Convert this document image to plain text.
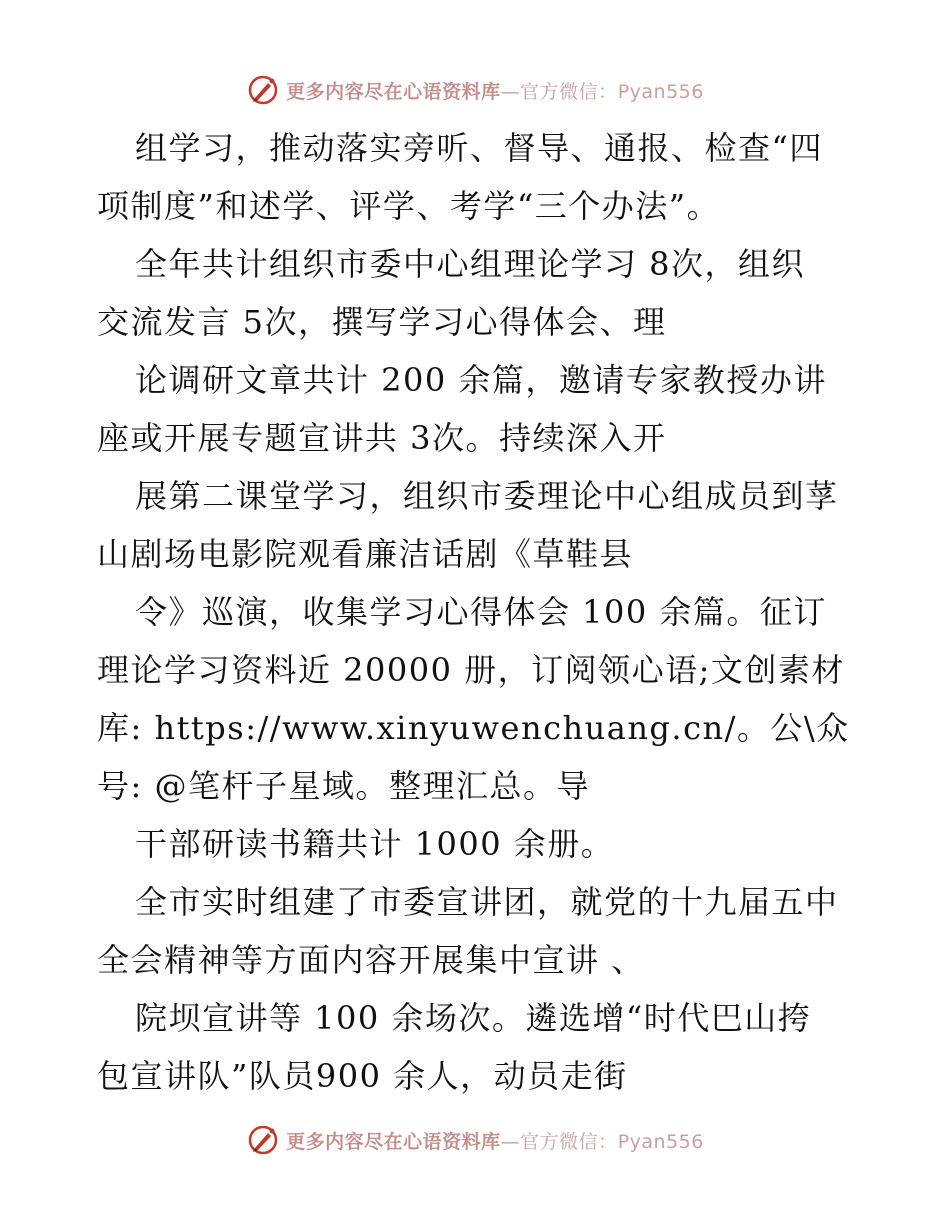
更多内容尽在心语资料库—官方微信：Pyan556
组学习，推动落实旁听、督导、通报、检查“四
项制度”和述学、评学、考学“三个办法”。
全年共计组织市委中心组理论学习 8次，组织
交流发言 5次，撰写学习心得体会、理
论调研文章共计 200 余篇，邀请专家教授办讲
座或开展专题宣讲共 3次。持续深入开
展第二课堂学习，组织市委理论中心组成员到莩
山剧场电影院观看廉洁话剧《草鞋县
令》巡演，收集学习心得体会 100 余篇。征订
理论学习资料近 20000 册，订阅领心语;文创素材
库: https://www.xinyuwenchuang.cn/。公\众
号: @笔杆子星域。整理汇总。导
干部研读书籍共计 1000 余册。
全市实时组建了市委宣讲团，就党的十九届五中
全会精神等方面内容开展集中宣讲 、
院坝宣讲等 100 余场次。遴选增“时代巴山挎
包宣讲队”队员900 余人，动员走街
更多内容尽在心语资料库—官方微信：Pyan556
